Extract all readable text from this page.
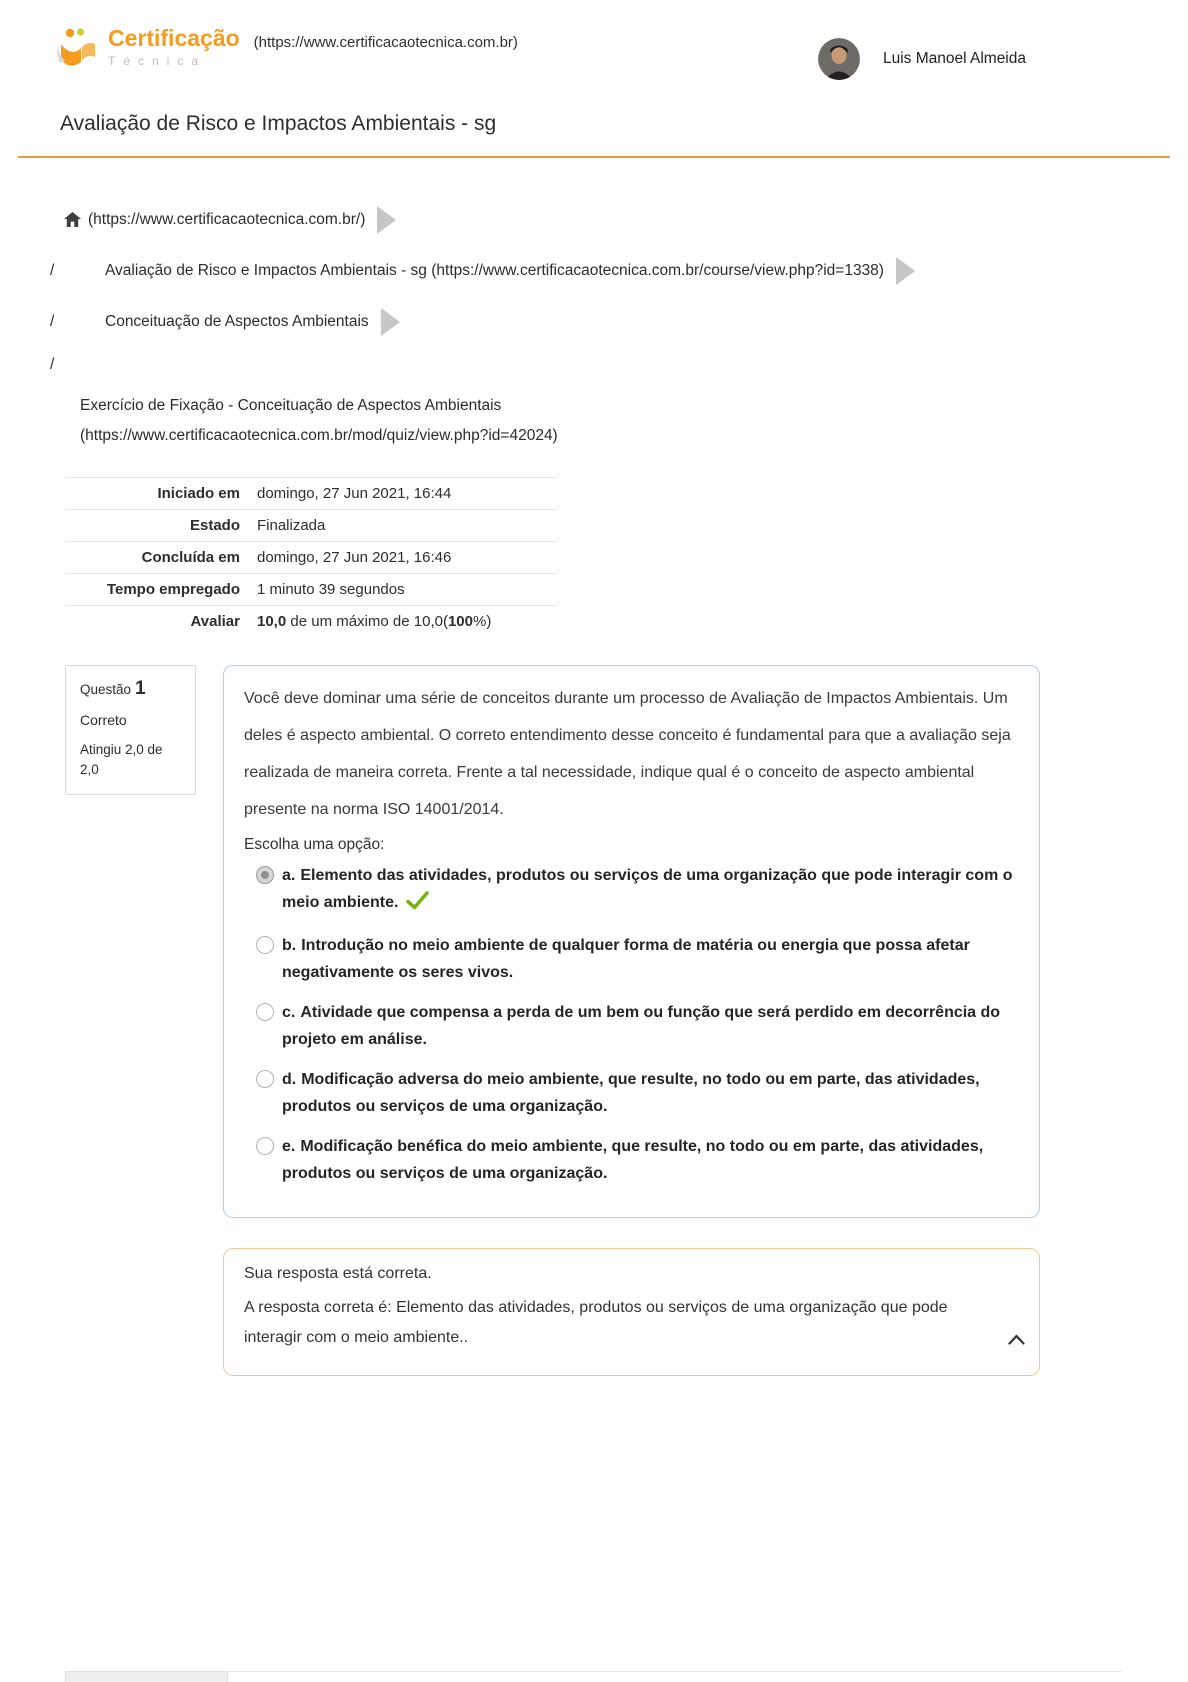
Certificação
Técnica
(https://www.certificacaotecnica.com.br)
Luis Manoel Almeida
Avaliação de Risco e Impactos Ambientais - sg
(https://www.certificacaotecnica.com.br/)
/	Avaliação de Risco e Impactos Ambientais - sg (https://www.certificacaotecnica.com.br/course/view.php?id=1338)
/	Conceituação de Aspectos Ambientais
/
Exercício de Fixação - Conceituação de Aspectos Ambientais
(https://www.certificacaotecnica.com.br/mod/quiz/view.php?id=42024)
Iniciado em	domingo, 27 Jun 2021, 16:44
Estado	Finalizada
Concluída em	domingo, 27 Jun 2021, 16:46
Tempo empregado	1 minuto 39 segundos
Avaliar	10,0 de um máximo de 10,0(100%)
Questão 1
Correto
Atingiu 2,0 de 2,0
Você deve dominar uma série de conceitos durante um processo de Avaliação de Impactos Ambientais. Um deles é aspecto ambiental. O correto entendimento desse conceito é fundamental para que a avaliação seja realizada de maneira correta. Frente a tal necessidade, indique qual é o conceito de aspecto ambiental presente na norma ISO 14001/2014.
Escolha uma opção:
a. Elemento das atividades, produtos ou serviços de uma organização que pode interagir com o meio ambiente.
b. Introdução no meio ambiente de qualquer forma de matéria ou energia que possa afetar negativamente os seres vivos.
c. Atividade que compensa a perda de um bem ou função que será perdido em decorrência do projeto em análise.
d. Modificação adversa do meio ambiente, que resulte, no todo ou em parte, das atividades, produtos ou serviços de uma organização.
e. Modificação benéfica do meio ambiente, que resulte, no todo ou em parte, das atividades, produtos ou serviços de uma organização.
Sua resposta está correta.
A resposta correta é: Elemento das atividades, produtos ou serviços de uma organização que pode interagir com o meio ambiente..
